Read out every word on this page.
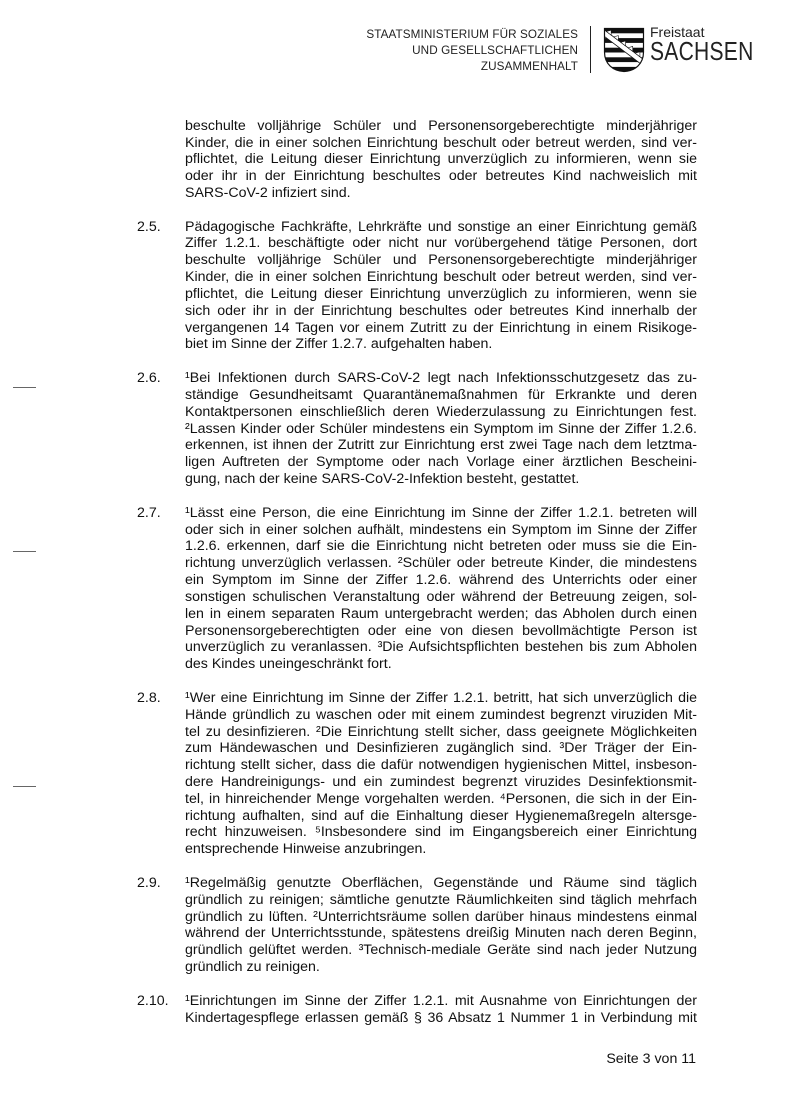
STAATSMINISTERIUM FÜR SOZIALES
UND GESELLSCHAFTLICHEN
ZUSAMMENHALT
Freistaat
SACHSEN
beschulte volljährige Schüler und Personensorgeberechtigte minderjähriger
Kinder, die in einer solchen Einrichtung beschult oder betreut werden, sind ver-
pflichtet, die Leitung dieser Einrichtung unverzüglich zu informieren, wenn sie
oder ihr in der Einrichtung beschultes oder betreutes Kind nachweislich mit
SARS-CoV-2 infiziert sind.
2.5.	Pädagogische Fachkräfte, Lehrkräfte und sonstige an einer Einrichtung gemäß
Ziffer 1.2.1. beschäftigte oder nicht nur vorübergehend tätige Personen, dort
beschulte volljährige Schüler und Personensorgeberechtigte minderjähriger
Kinder, die in einer solchen Einrichtung beschult oder betreut werden, sind ver-
pflichtet, die Leitung dieser Einrichtung unverzüglich zu informieren, wenn sie
sich oder ihr in der Einrichtung beschultes oder betreutes Kind innerhalb der
vergangenen 14 Tagen vor einem Zutritt zu der Einrichtung in einem Risikoge-
biet im Sinne der Ziffer 1.2.7. aufgehalten haben.
2.6.	¹Bei Infektionen durch SARS-CoV-2 legt nach Infektionsschutzgesetz das zu-
ständige Gesundheitsamt Quarantänemaßnahmen für Erkrankte und deren
Kontaktpersonen einschließlich deren Wiederzulassung zu Einrichtungen fest.
²Lassen Kinder oder Schüler mindestens ein Symptom im Sinne der Ziffer 1.2.6.
erkennen, ist ihnen der Zutritt zur Einrichtung erst zwei Tage nach dem letztma-
ligen Auftreten der Symptome oder nach Vorlage einer ärztlichen Bescheini-
gung, nach der keine SARS-CoV-2-Infektion besteht, gestattet.
2.7.	¹Lässt eine Person, die eine Einrichtung im Sinne der Ziffer 1.2.1. betreten will
oder sich in einer solchen aufhält, mindestens ein Symptom im Sinne der Ziffer
1.2.6. erkennen, darf sie die Einrichtung nicht betreten oder muss sie die Ein-
richtung unverzüglich verlassen. ²Schüler oder betreute Kinder, die mindestens
ein Symptom im Sinne der Ziffer 1.2.6. während des Unterrichts oder einer
sonstigen schulischen Veranstaltung oder während der Betreuung zeigen, sol-
len in einem separaten Raum untergebracht werden; das Abholen durch einen
Personensorgeberechtigten oder eine von diesen bevollmächtigte Person ist
unverzüglich zu veranlassen. ³Die Aufsichtspflichten bestehen bis zum Abholen
des Kindes uneingeschränkt fort.
2.8.	¹Wer eine Einrichtung im Sinne der Ziffer 1.2.1. betritt, hat sich unverzüglich die
Hände gründlich zu waschen oder mit einem zumindest begrenzt viruziden Mit-
tel zu desinfizieren. ²Die Einrichtung stellt sicher, dass geeignete Möglichkeiten
zum Händewaschen und Desinfizieren zugänglich sind. ³Der Träger der Ein-
richtung stellt sicher, dass die dafür notwendigen hygienischen Mittel, insbeson-
dere Handreinigungs- und ein zumindest begrenzt viruzides Desinfektionsmit-
tel, in hinreichender Menge vorgehalten werden. ⁴Personen, die sich in der Ein-
richtung aufhalten, sind auf die Einhaltung dieser Hygienemaßregeln altersge-
recht hinzuweisen. ⁵Insbesondere sind im Eingangsbereich einer Einrichtung
entsprechende Hinweise anzubringen.
2.9.	¹Regelmäßig genutzte Oberflächen, Gegenstände und Räume sind täglich
gründlich zu reinigen; sämtliche genutzte Räumlichkeiten sind täglich mehrfach
gründlich zu lüften. ²Unterrichtsräume sollen darüber hinaus mindestens einmal
während der Unterrichtsstunde, spätestens dreißig Minuten nach deren Beginn,
gründlich gelüftet werden. ³Technisch-mediale Geräte sind nach jeder Nutzung
gründlich zu reinigen.
2.10.	¹Einrichtungen im Sinne der Ziffer 1.2.1. mit Ausnahme von Einrichtungen der
Kindertagespflege erlassen gemäß § 36 Absatz 1 Nummer 1 in Verbindung mit
Seite 3 von 11
